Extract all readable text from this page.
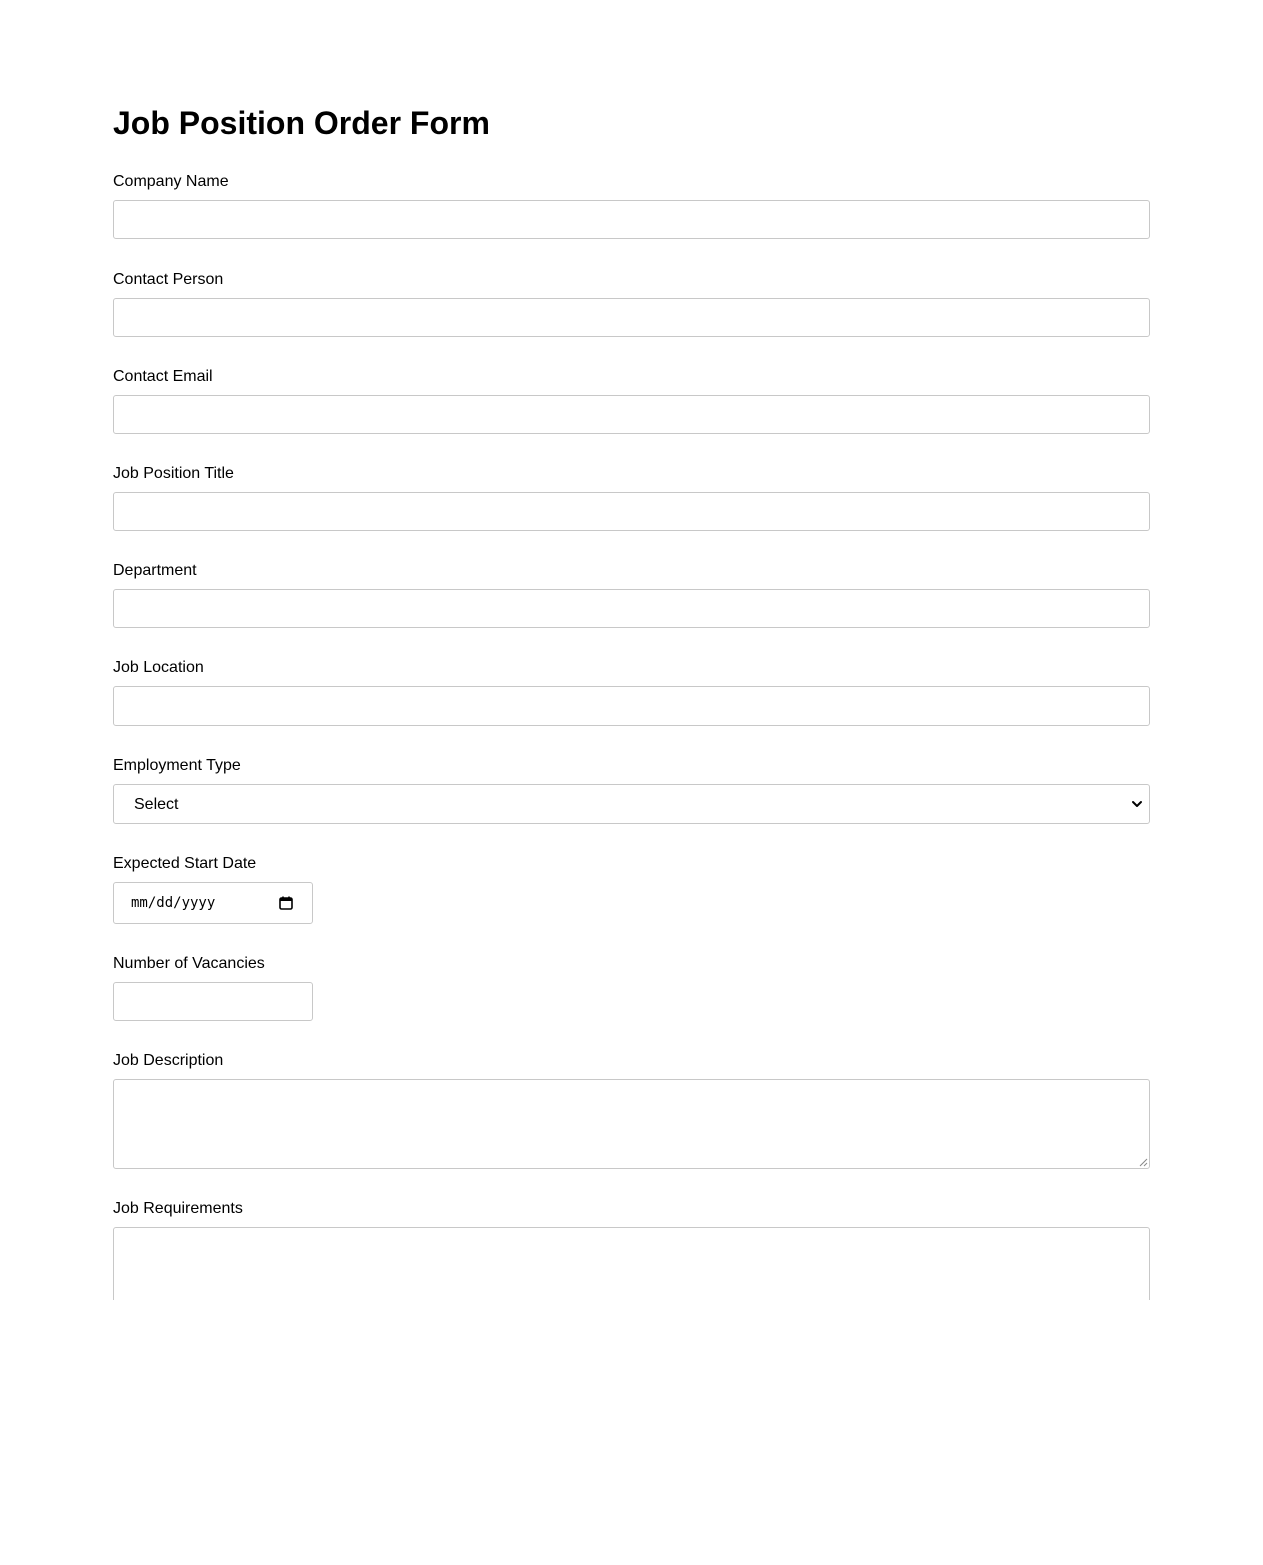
Job Position Order Form
Company Name
Contact Person
Contact Email
Job Position Title
Department
Job Location
Employment Type
Select
Expected Start Date
mm/dd/yyyy
Number of Vacancies
Job Description
Job Requirements
